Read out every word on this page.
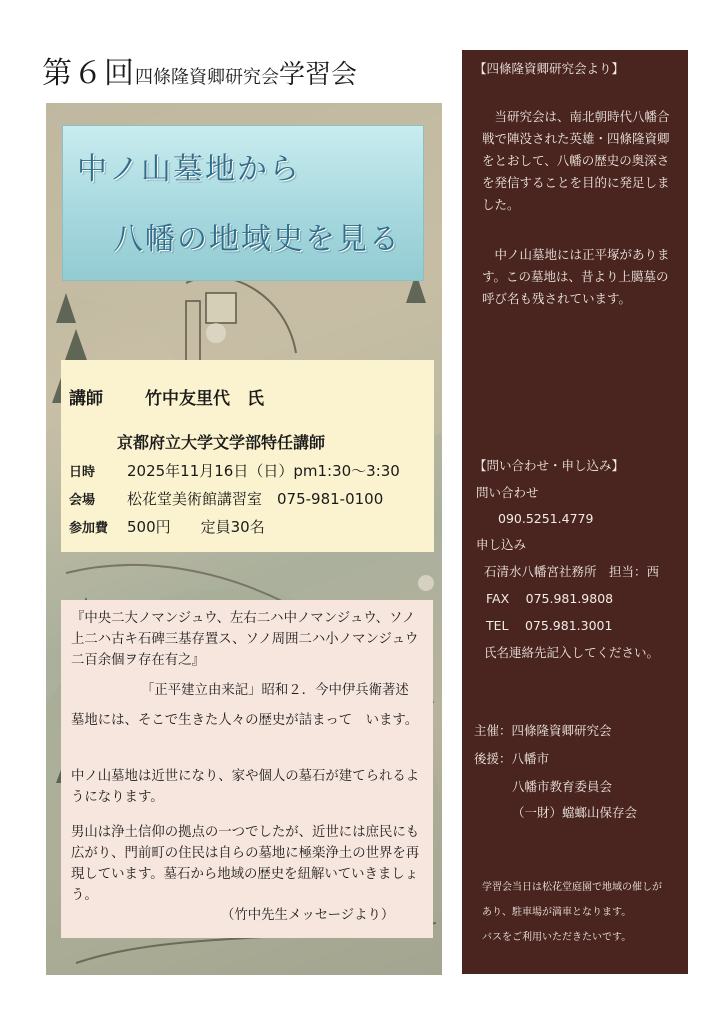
第６回 四條隆資卿研究会 学習会
中ノ山墓地から
八幡の地域史を見る
講師 竹中友里代　氏
京都府立大学文学部特任講師
日時 2025年11月16日（日）pm1:30〜3:30
会場 松花堂美術館講習室　075-981-0100
参加費 500円　　定員30名

『中央二大ノマンジュウ、左右二ハ中ノマンジュウ、ソノ上二ハ古キ石碑三基存置ス、ソノ周囲二ハ小ノマンジュウ二百余個ヲ存在有之』

「正平建立由来記」昭和２．今中伊兵衛著述

墓地には、そこで生きた人々の歴史が詰まって　います。

中ノ山墓地は近世になり、家や個人の墓石が建てられるようになります。

男山は浄土信仰の拠点の一つでしたが、近世には庶民にも広がり、門前町の住民は自らの墓地に極楽浄土の世界を再現しています。墓石から地域の歴史を紐解いていきましょう。

（竹中先生メッセージより）

【四條隆資卿研究会より】
　当研究会は、南北朝時代八幡合戦で陣没された英雄・四條隆資卿をとおして、八幡の歴史の奥深さを発信することを目的に発足しました。
　中ノ山墓地には正平塚があります。この墓地は、昔より上臈墓の呼び名も残されています。
【問い合わせ・申し込み】
問い合わせ
090.5251.4779
申し込み
石清水八幡宮社務所　担当：西
FAX　 075.981.9808
TEL　 075.981.3001
氏名連絡先記入してください。
主催：四條隆資卿研究会
後援：八幡市
八幡市教育委員会
（一財）蟷螂山保存会
学習会当日は松花堂庭園で地域の催しが
あり、駐車場が満車となります。
バスをご利用いただきたいです。
